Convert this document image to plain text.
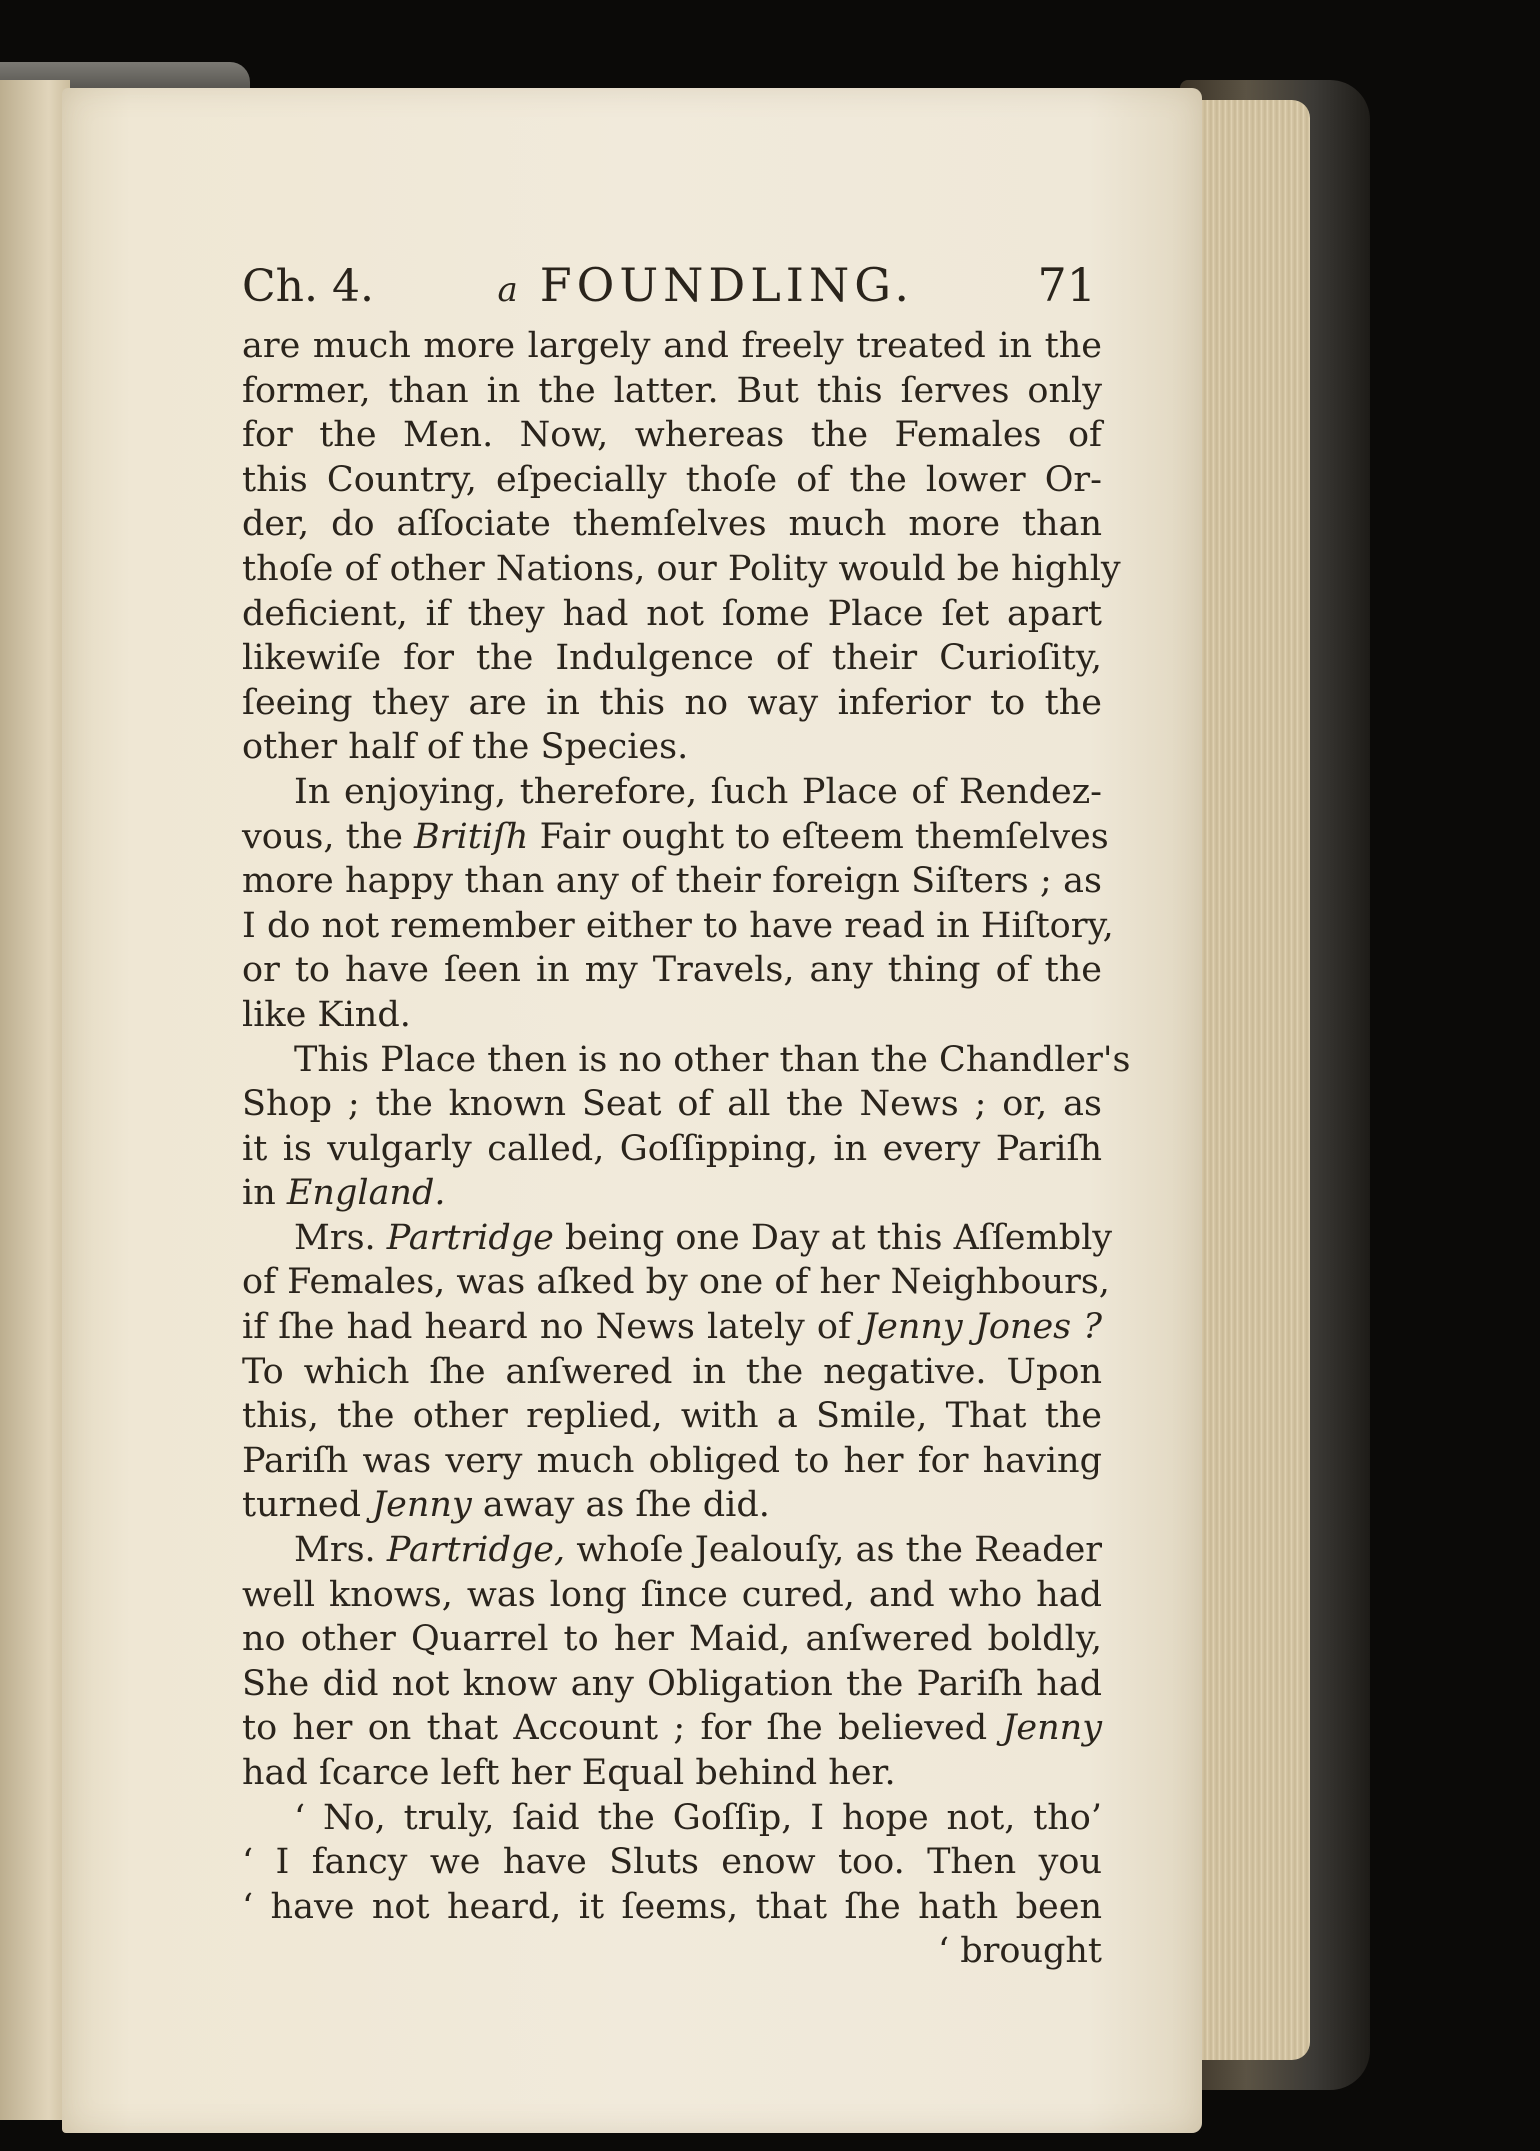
Ch. 4.	a FOUNDLING.	71
are much more largely and freely treated in the
former, than in the latter. But this ſerves only
for the Men. Now, whereas the Females of
this Country, eſpecially thoſe of the lower Or-
der, do aſſociate themſelves much more than
thoſe of other Nations, our Polity would be highly
deficient, if they had not ſome Place ſet apart
likewiſe for the Indulgence of their Curioſity,
ſeeing they are in this no way inferior to the
other half of the Species.
In enjoying, therefore, ſuch Place of Rendez-
vous, the Britiſh Fair ought to eſteem themſelves
more happy than any of their foreign Siſters ; as
I do not remember either to have read in Hiſtory,
or to have ſeen in my Travels, any thing of the
like Kind.
This Place then is no other than the Chandler's
Shop ; the known Seat of all the News ; or, as
it is vulgarly called, Goſſipping, in every Pariſh
in England.
Mrs. Partridge being one Day at this Aſſembly
of Females, was aſked by one of her Neighbours,
if ſhe had heard no News lately of Jenny Jones ?
To which ſhe anſwered in the negative. Upon
this, the other replied, with a Smile, That the
Pariſh was very much obliged to her for having
turned Jenny away as ſhe did.
Mrs. Partridge, whoſe Jealouſy, as the Reader
well knows, was long ſince cured, and who had
no other Quarrel to her Maid, anſwered boldly,
She did not know any Obligation the Pariſh had
to her on that Account ; for ſhe believed Jenny
had ſcarce left her Equal behind her.
‘ No, truly, ſaid the Goſſip, I hope not, tho’
‘ I fancy we have Sluts enow too. Then you
‘ have not heard, it ſeems, that ſhe hath been
‘ brought
